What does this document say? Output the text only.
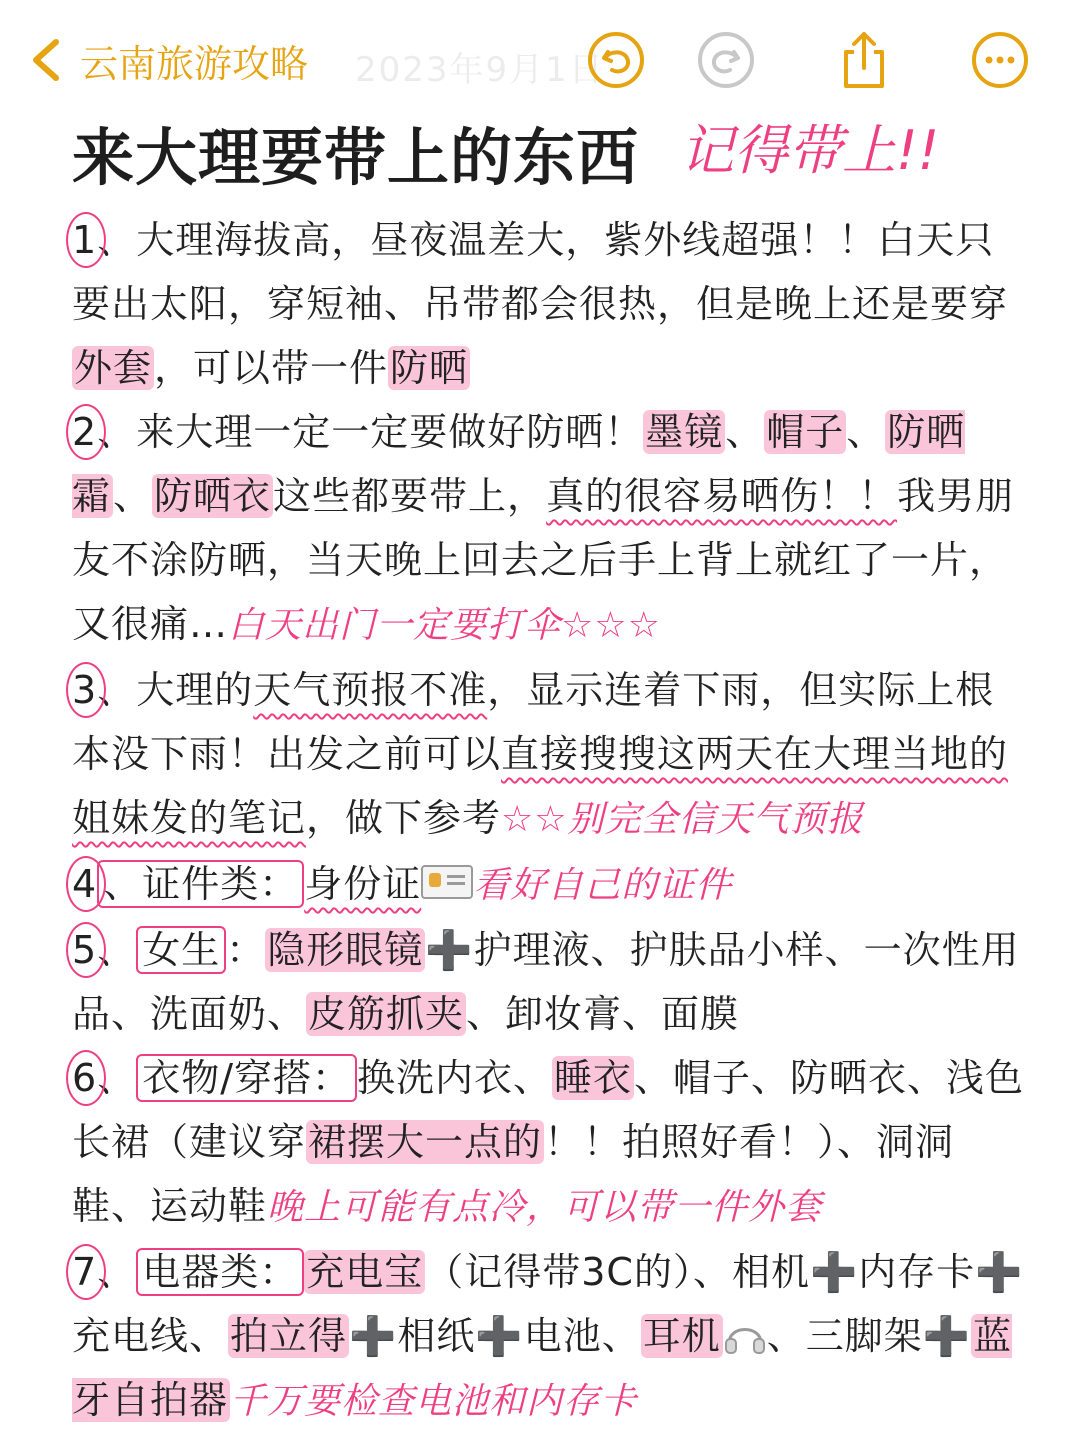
云南旅游攻略 2023年9月1日
来大理要带上的东西 记得带上!!

1、大理海拔高，昼夜温差大，紫外线超强！！白天只要出太阳，穿短袖、吊带都会很热，但是晚上还是要穿外套，可以带一件防晒

2、来大理一定一定要做好防晒！墨镜、帽子、防晒霜、防晒衣这些都要带上，真的很容易晒伤！！我男朋友不涂防晒，当天晚上回去之后手上背上就红了一片，又很痛…白天出门一定要打伞☆☆☆

3、大理的天气预报不准，显示连着下雨，但实际上根本没下雨！出发之前可以直接搜搜这两天在大理当地的姐妹发的笔记，做下参考☆☆别完全信天气预报

4 、证件类： 身份证 看好自己的证件

5、 女生 ：隐形眼镜➕护理液、护肤品小样、一次性用品、洗面奶、皮筋抓夹、卸妆膏、面膜

6、 衣物/穿搭： 换洗内衣、睡衣、帽子、防晒衣、浅色长裙（建议穿裙摆大一点的！！拍照好看！）、洞洞鞋、运动鞋晚上可能有点冷，可以带一件外套

7、 电器类： 充电宝（记得带3C的）、相机➕内存卡➕充电线、拍立得➕相纸➕电池、耳机 、三脚架➕蓝牙自拍器千万要检查电池和内存卡
